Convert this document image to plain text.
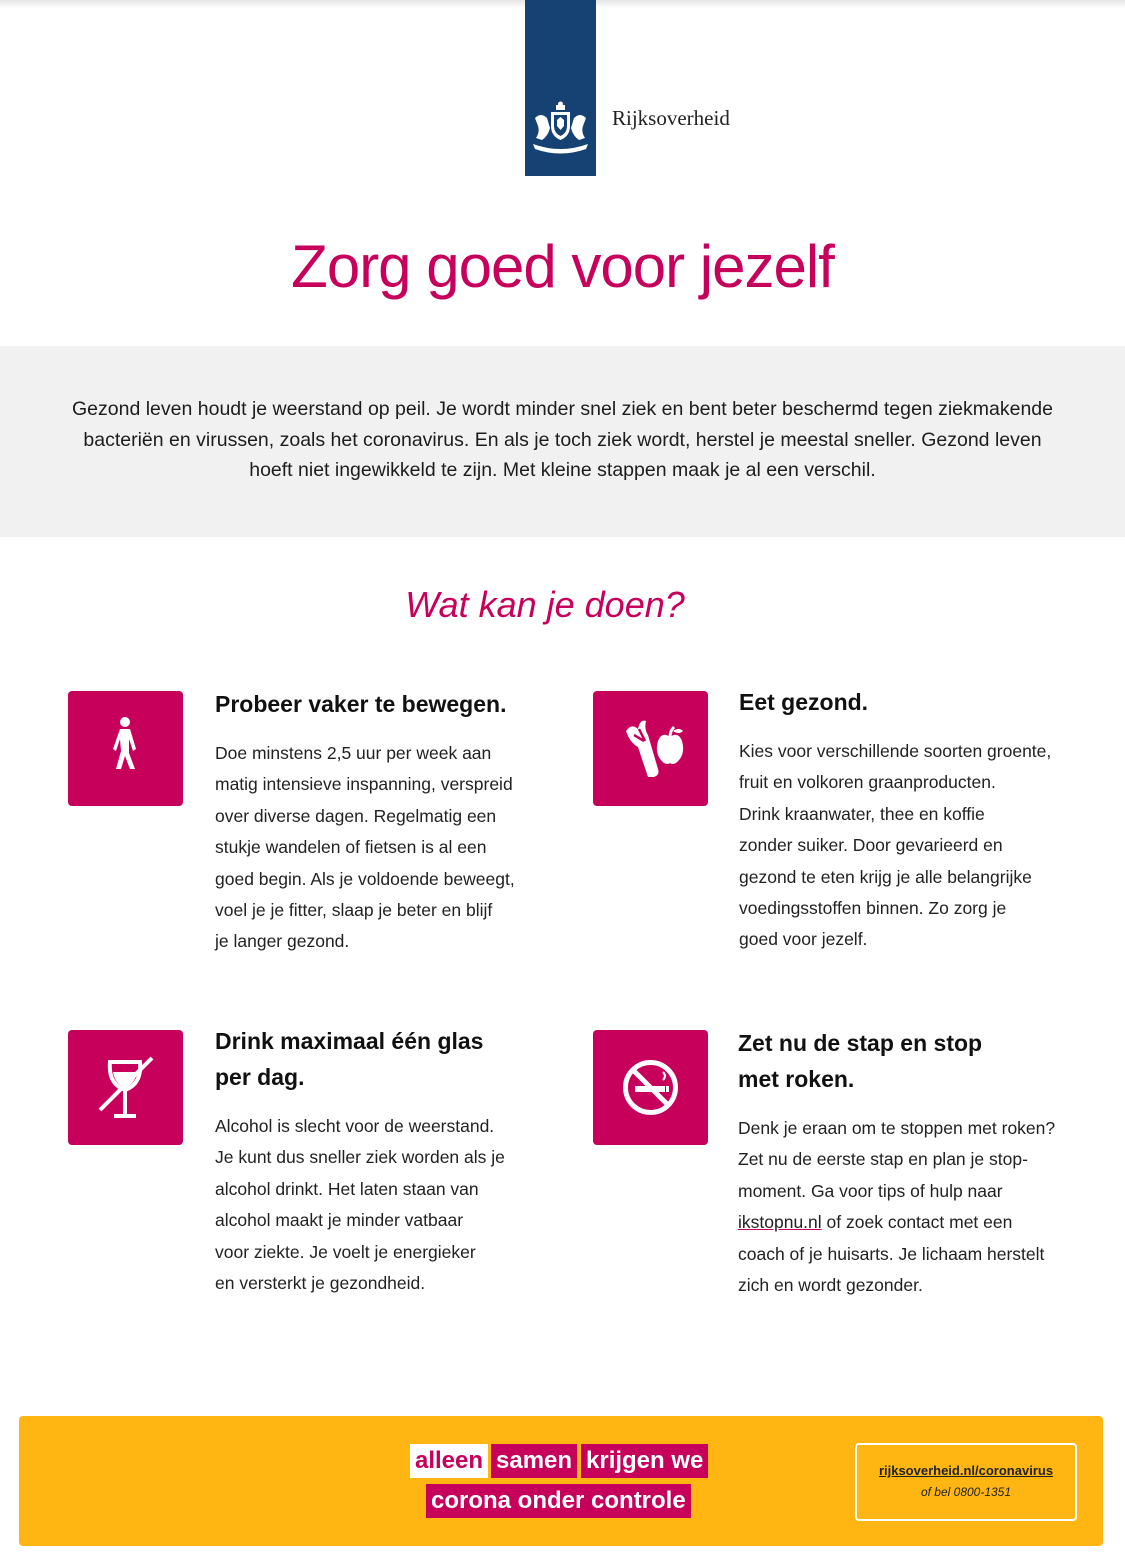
Rijksoverheid
Zorg goed voor jezelf

Gezond leven houdt je weerstand op peil. Je wordt minder snel ziek en bent beter beschermd tegen ziekmakende bacteriën en virussen, zoals het coronavirus. En als je toch ziek wordt, herstel je meestal sneller. Gezond leven hoeft niet ingewikkeld te zijn. Met kleine stappen maak je al een verschil.

Wat kan je doen?
Probeer vaker te bewegen.
Doe minstens 2,5 uur per week aan
matig intensieve inspanning, verspreid
over diverse dagen. Regelmatig een
stukje wandelen of fietsen is al een
goed begin. Als je voldoende beweegt,
voel je je fitter, slaap je beter en blijf
je langer gezond.
Eet gezond.
Kies voor verschillende soorten groente,
fruit en volkoren graanproducten.
Drink kraanwater, thee en koffie
zonder suiker. Door gevarieerd en
gezond te eten krijg je alle belangrijke
voedingsstoffen binnen. Zo zorg je
goed voor jezelf.
Drink maximaal één glas
per dag.
Alcohol is slecht voor de weerstand.
Je kunt dus sneller ziek worden als je
alcohol drinkt. Het laten staan van
alcohol maakt je minder vatbaar
voor ziekte. Je voelt je energieker
en versterkt je gezondheid.
Zet nu de stap en stop
met roken.
Denk je eraan om te stoppen met roken?
Zet nu de eerste stap en plan je stop-
moment. Ga voor tips of hulp naar
ikstopnu.nl of zoek contact met een
coach of je huisarts. Je lichaam herstelt
zich en wordt gezonder.
alleen samen krijgen we
corona onder controle
rijksoverheid.nl/coronavirus
of bel 0800-1351
